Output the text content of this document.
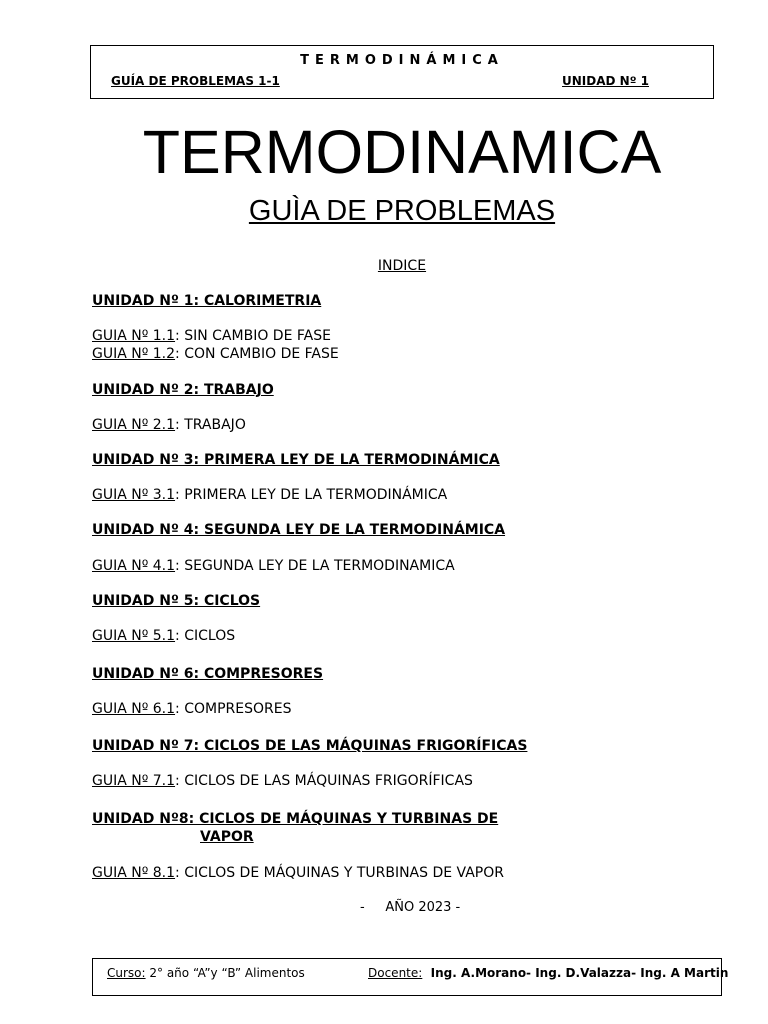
TERMODINÁMICA
GUÍA DE PROBLEMAS 1-1	UNIDAD Nº 1
TERMODINAMICA
GUÌA DE PROBLEMAS
INDICE
UNIDAD Nº 1: CALORIMETRIA
GUIA Nº 1.1: SIN CAMBIO DE FASE
GUIA Nº 1.2: CON CAMBIO DE FASE
UNIDAD Nº 2: TRABAJO
GUIA Nº 2.1: TRABAJO
UNIDAD Nº 3: PRIMERA LEY DE LA TERMODINÁMICA
GUIA Nº 3.1: PRIMERA LEY DE LA TERMODINÁMICA
UNIDAD Nº 4: SEGUNDA LEY DE LA TERMODINÁMICA
GUIA Nº 4.1: SEGUNDA LEY DE LA TERMODINAMICA
UNIDAD Nº 5: CICLOS
GUIA Nº 5.1: CICLOS
UNIDAD Nº 6: COMPRESORES
GUIA Nº 6.1: COMPRESORES
UNIDAD Nº 7: CICLOS DE LAS MÁQUINAS FRIGORÍFICAS
GUIA Nº 7.1: CICLOS DE LAS MÁQUINAS FRIGORÍFICAS
UNIDAD Nº8: CICLOS DE MÁQUINAS Y TURBINAS DE
VAPOR
GUIA Nº 8.1: CICLOS DE MÁQUINAS Y TURBINAS DE VAPOR
-     AÑO 2023 -
Curso: 2° año “A”y “B” Alimentos	Docente:  Ing. A.Morano- Ing. D.Valazza- Ing. A Martin
